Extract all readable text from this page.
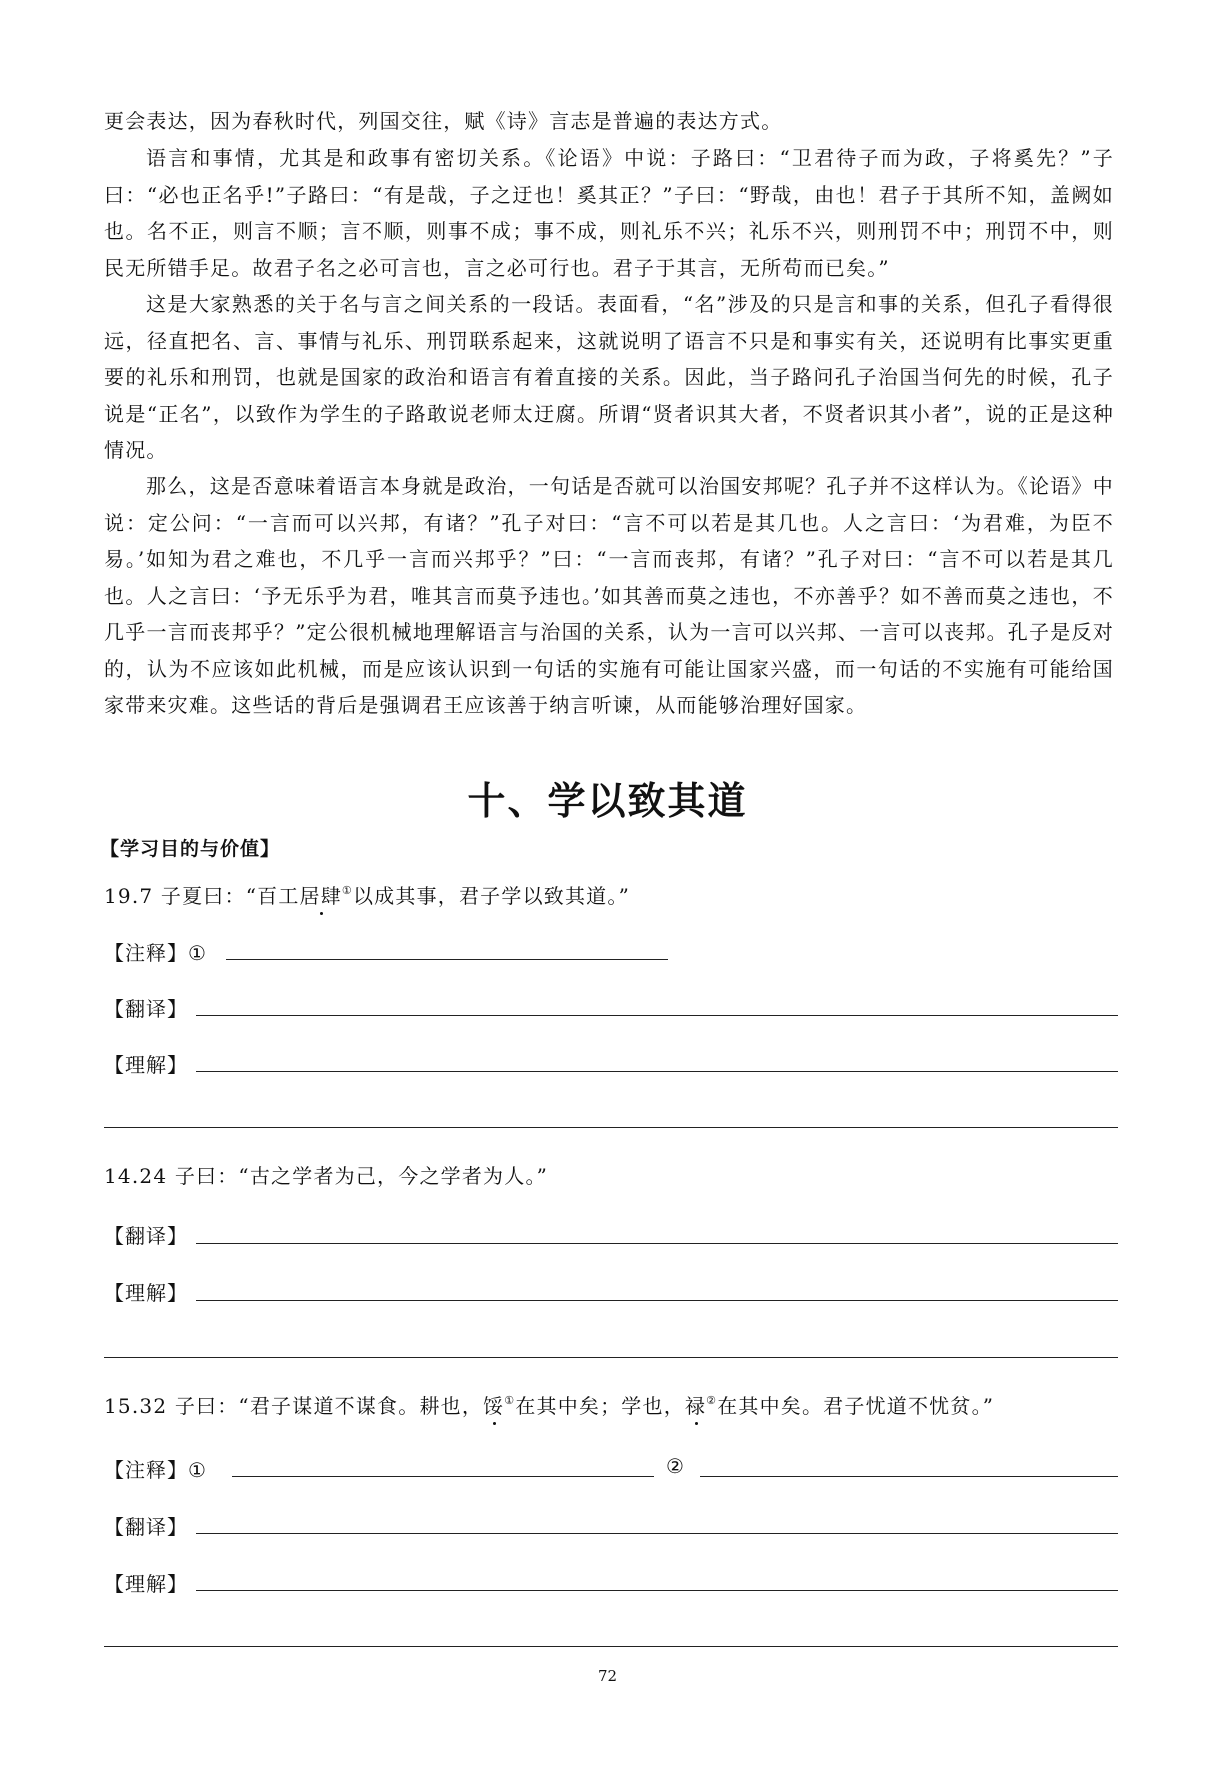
更会表达，因为春秋时代，列国交往，赋《诗》言志是普遍的表达方式。

语言和事情，尤其是和政事有密切关系。《论语》中说：子路曰：“卫君待子而为政，子将奚先？”子曰：“必也正名乎!”子路曰：“有是哉，子之迂也！奚其正？”子曰：“野哉，由也！君子于其所不知，盖阙如也。名不正，则言不顺；言不顺，则事不成；事不成，则礼乐不兴；礼乐不兴，则刑罚不中；刑罚不中，则民无所错手足。故君子名之必可言也，言之必可行也。君子于其言，无所苟而已矣。”

这是大家熟悉的关于名与言之间关系的一段话。表面看，“名”涉及的只是言和事的关系，但孔子看得很远，径直把名、言、事情与礼乐、刑罚联系起来，这就说明了语言不只是和事实有关，还说明有比事实更重要的礼乐和刑罚，也就是国家的政治和语言有着直接的关系。因此，当子路问孔子治国当何先的时候，孔子说是“正名”，以致作为学生的子路敢说老师太迂腐。所谓“贤者识其大者，不贤者识其小者”，说的正是这种情况。

那么，这是否意味着语言本身就是政治，一句话是否就可以治国安邦呢？孔子并不这样认为。《论语》中说：定公问：“一言而可以兴邦，有诸？”孔子对曰：“言不可以若是其几也。人之言曰：‘为君难，为臣不易。’如知为君之难也，不几乎一言而兴邦乎？”曰：“一言而丧邦，有诸？”孔子对曰：“言不可以若是其几也。人之言曰：‘予无乐乎为君，唯其言而莫予违也。’如其善而莫之违也，不亦善乎？如不善而莫之违也，不几乎一言而丧邦乎？”定公很机械地理解语言与治国的关系，认为一言可以兴邦、一言可以丧邦。孔子是反对的，认为不应该如此机械，而是应该认识到一句话的实施有可能让国家兴盛，而一句话的不实施有可能给国家带来灾难。这些话的背后是强调君王应该善于纳言听谏，从而能够治理好国家。

十、学以致其道
【学习目的与价值】
19.7 子夏曰：“百工居肆①以成其事，君子学以致其道。”
【注释】①
【翻译】
【理解】
14.24 子曰：“古之学者为己，今之学者为人。”
【翻译】
【理解】
15.32 子曰：“君子谋道不谋食。耕也，馁①在其中矣；学也，禄②在其中矣。君子忧道不忧贫。”
【注释】①	②
【翻译】
【理解】
72
